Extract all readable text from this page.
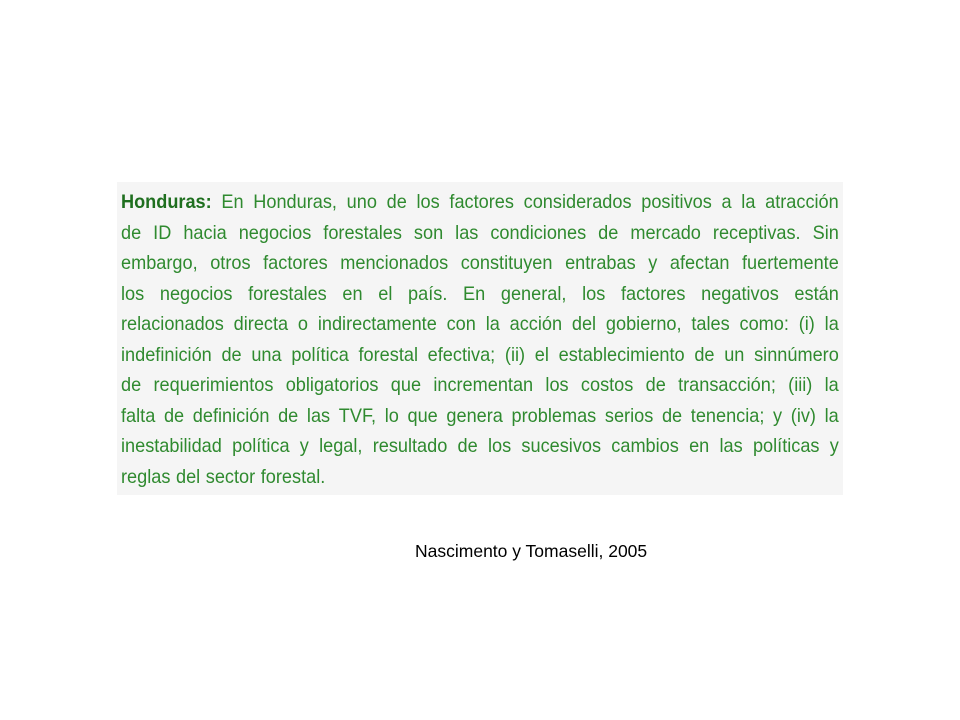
Honduras: En Honduras, uno de los factores considerados positivos a la atracción
de ID hacia negocios forestales son las condiciones de mercado receptivas. Sin
embargo, otros factores mencionados constituyen entrabas y afectan fuertemente
los negocios forestales en el país. En general, los factores negativos están
relacionados directa o indirectamente con la acción del gobierno, tales como: (i) la
indefinición de una política forestal efectiva; (ii) el establecimiento de un sinnúmero
de requerimientos obligatorios que incrementan los costos de transacción; (iii) la
falta de definición de las TVF, lo que genera problemas serios de tenencia; y (iv) la
inestabilidad política y legal, resultado de los sucesivos cambios en las políticas y
reglas del sector forestal.
Nascimento y Tomaselli, 2005
